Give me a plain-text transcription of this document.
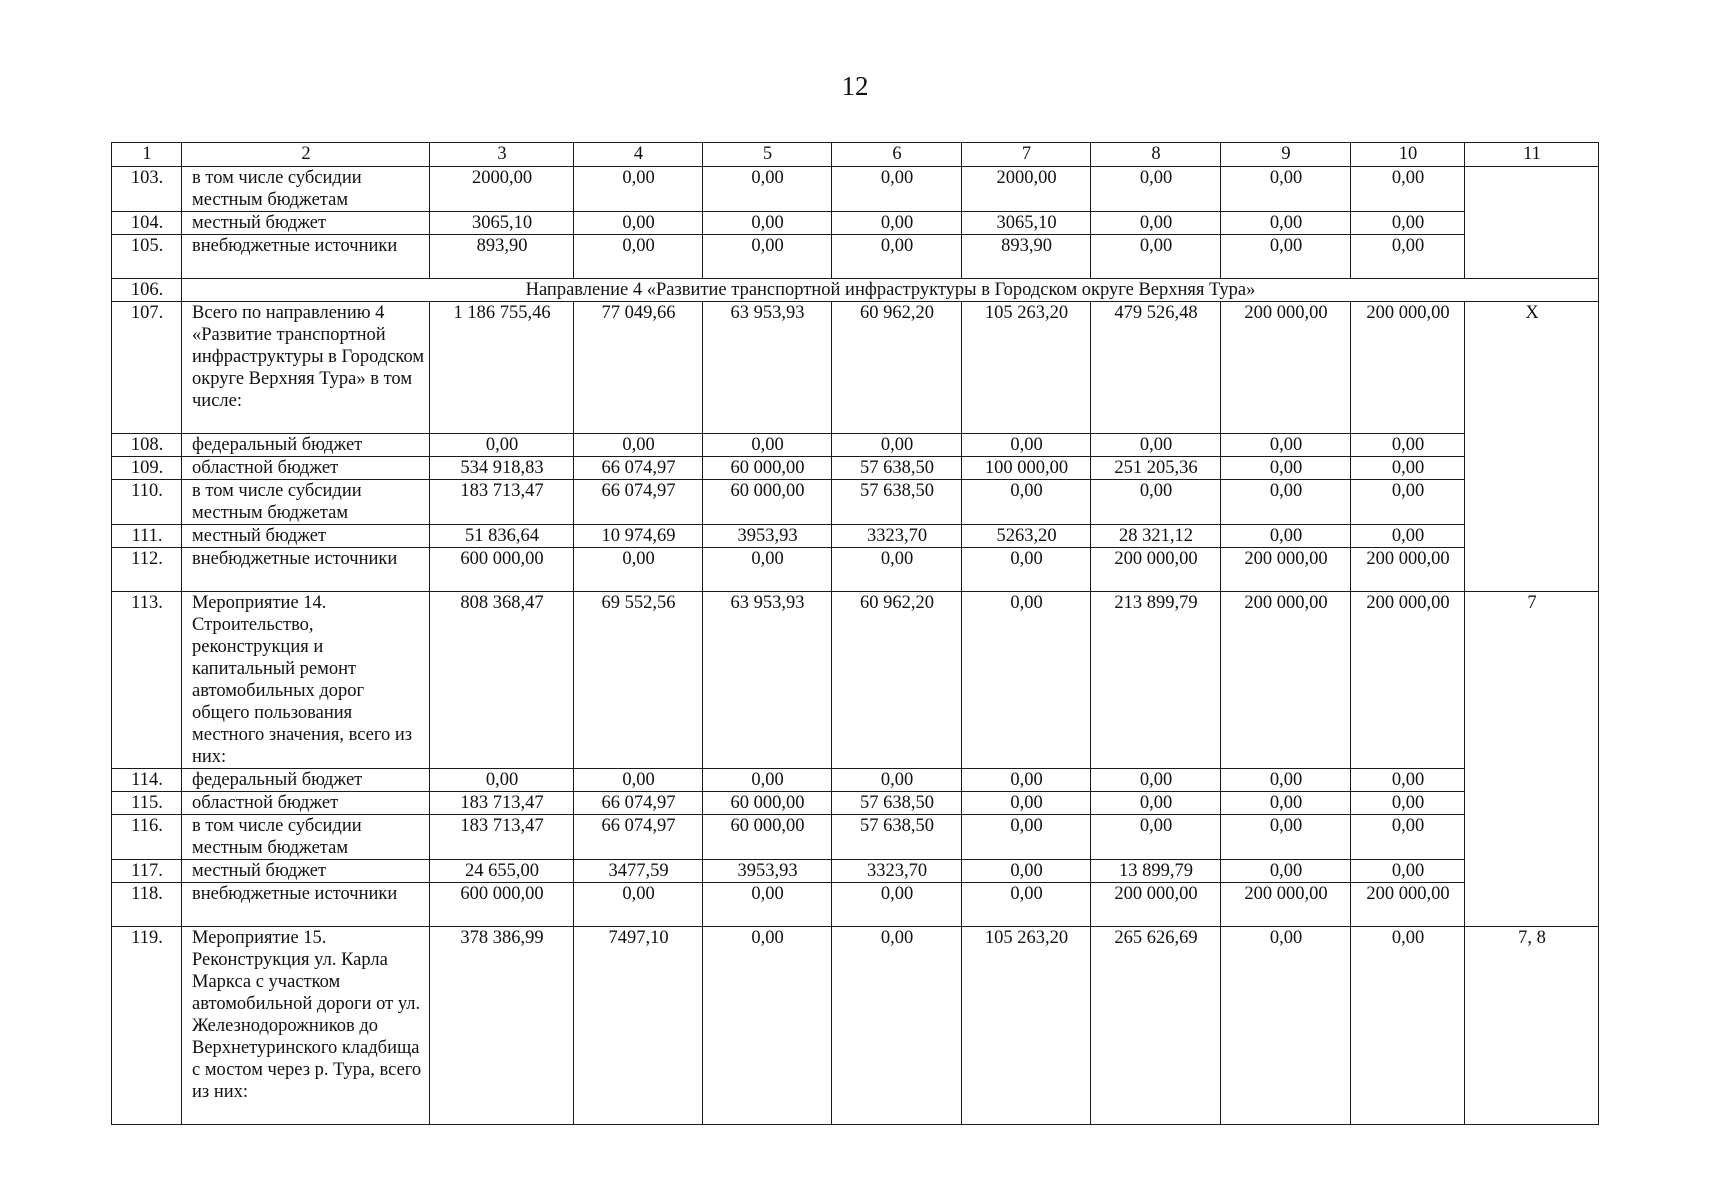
12
1	2	3	4	5	6	7	8	9	10	11
103.	в том числе субсидии местным бюджетам	2000,00	0,00	0,00	0,00	2000,00	0,00	0,00	0,00	
104.	местный бюджет	3065,10	0,00	0,00	0,00	3065,10	0,00	0,00	0,00	
105.	внебюджетные источники	893,90	0,00	0,00	0,00	893,90	0,00	0,00	0,00	
106.	Направление 4 «Развитие транспортной инфраструктуры в Городском округе Верхняя Тура»									
107.	Всего по направлению 4 «Развитие транспортной инфраструктуры в Городском округе Верхняя Тура» в том числе:	1 186 755,46	77 049,66	63 953,93	60 962,20	105 263,20	479 526,48	200 000,00	200 000,00	Х
108.	федеральный бюджет	0,00	0,00	0,00	0,00	0,00	0,00	0,00	0,00	
109.	областной бюджет	534 918,83	66 074,97	60 000,00	57 638,50	100 000,00	251 205,36	0,00	0,00	
110.	в том числе субсидии местным бюджетам	183 713,47	66 074,97	60 000,00	57 638,50	0,00	0,00	0,00	0,00	
111.	местный бюджет	51 836,64	10 974,69	3953,93	3323,70	5263,20	28 321,12	0,00	0,00	
112.	внебюджетные источники	600 000,00	0,00	0,00	0,00	0,00	200 000,00	200 000,00	200 000,00	
113.	Мероприятие 14. Строительство, реконструкция и капитальный ремонт автомобильных дорог общего пользования местного значения, всего из них:	808 368,47	69 552,56	63 953,93	60 962,20	0,00	213 899,79	200 000,00	200 000,00	7
114.	федеральный бюджет	0,00	0,00	0,00	0,00	0,00	0,00	0,00	0,00	
115.	областной бюджет	183 713,47	66 074,97	60 000,00	57 638,50	0,00	0,00	0,00	0,00	
116.	в том числе субсидии местным бюджетам	183 713,47	66 074,97	60 000,00	57 638,50	0,00	0,00	0,00	0,00	
117.	местный бюджет	24 655,00	3477,59	3953,93	3323,70	0,00	13 899,79	0,00	0,00	
118.	внебюджетные источники	600 000,00	0,00	0,00	0,00	0,00	200 000,00	200 000,00	200 000,00	
119.	Мероприятие 15. Реконструкция ул. Карла Маркса с участком автомобильной дороги от ул. Железнодорожников до Верхнетуринского кладбища с мостом через р. Тура, всего из них:	378 386,99	7497,10	0,00	0,00	105 263,20	265 626,69	0,00	0,00	7, 8
